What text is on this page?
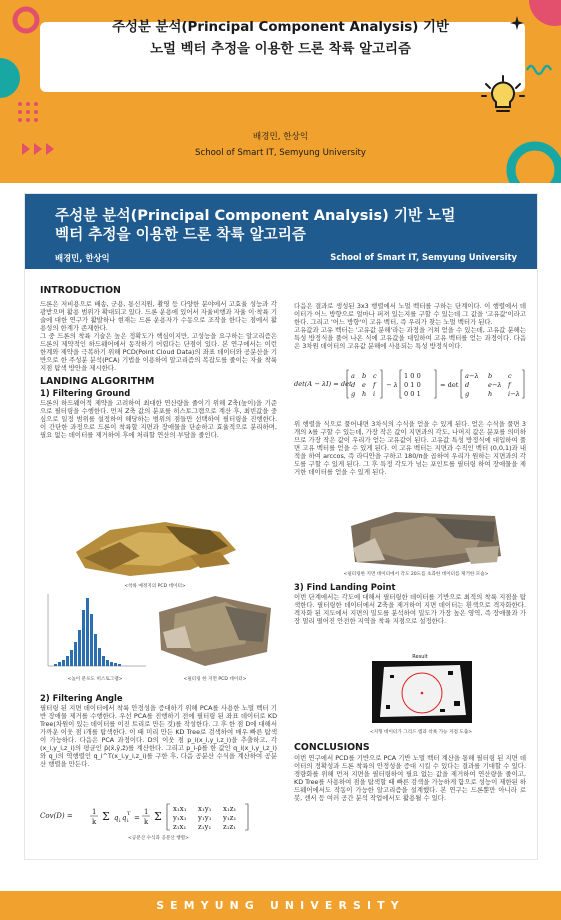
주성분 분석(Principal Component Analysis) 기반
노멀 벡터 추정을 이용한 드론 착륙 알고리즘
배경민, 한상익
School of Smart IT, Semyung University
주성분 분석(Principal Component Analysis) 기반 노멀
벡터 추정을 이용한 드론 착륙 알고리즘
배경민, 한상익	School of Smart IT, Semyung University
INTRODUCTION

드론은 저비용으로 배송, 군용, 통신지원, 촬영 등 다양한 분야에서 고효율 성능과 각광받으며 활용 범위가 확대되고 있다. 드론 운용에 있어서 자율비행과 자율 이·착륙 기술에 대한 연구가 활발하나 현재는 드론 운용자가 수동으로 조작을 한다는 점에서 활용성의 한계가 존재한다.

그 중 드론의 착륙 기술은 높은 정확도가 핵심이지만, 고성능을 요구하는 알고리즘은 드론의 제약적인 하드웨어에서 동작하기 어렵다는 단점이 있다. 본 연구에서는 이런 한계와 제약을 극복하기 위해 PCD(Point Cloud Data)의 좌표 데이터와 공분산을 기반으로 한 주성분 분석(PCA) 기법을 이용하여 알고리즘의 복잡도를 줄이는 자율 착륙 지점 탐색 방안을 제시한다.

LANDING ALGORITHM
1) Filtering Ground

드론의 하드웨어적 제약을 고려하여 최대한 연산량을 줄이기 위해 Z축(높이)을 기준으로 필터링을 수행한다. 먼저 Z축 값의 분포를 히스토그램으로 계산 후, 최빈값을 중심으로 일정 범위를 설정하여 해당하는 범위의 점들만 선택하여 필터링을 진행한다. 이 간단한 과정으로 드론이 착륙할 지면과 장애물을 단순하고 효율적으로 분리하며, 필요 없는 데이터를 제거하여 후에 처리할 연산의 부담을 줄인다.

<착륙 예정지의 PCD 데이터>
<높이 분포도 히스토그램>	<필터링 한 지면 PCD 데이터>
2) Filtering Angle

필터링 된 지면 데이터에서 착륙 안정성을 증대하기 위해 PCA를 사용한 노멀 벡터 기반 장애물 제거를 수행한다. 우선 PCA를 진행하기 전에 필터링 된 좌표 데이터로 KD Tree(차원이 있는 데이터를 이진 트리로 만든 것)를 작성한다. 그 후 한 점 D에 대해서 가까운 이웃 점 i개를 탐색한다. 이 때 미리 만든 KD Tree로 검색하여 매우 빠른 탐색이 가능하다. 다음은 PCA 과정이다. D의 이웃 점 p_i(x_i,y_i,z_i)을 추출하고, 각 (x_i,y_i,z_i)의 평균인 p̄(x̄,ȳ,z̄)를 계산한다. 그리고 p_i-p̄를 한 값인 q_i(x_i,y_i,z_i)와 q_i의 역행렬인 q_i^T(x_i,y_i,z_i)를 구한 후, 다음 공분산 수식을 계산하여 공분산 행렬을 만든다.

Cov(D) =	1
k Σ q i q i
T =
1
k Σ
x₁x₁ x₁y₁ x₁z₁
y₁x₁ y₁y₁ y₁z₁
z₁x₁ z₁y₁ z₁z₁
<공분산 수식과 공분산 행렬>

다음은 결과로 생성된 3x3 행렬에서 노멀 벡터를 구하는 단계이다. 이 행렬에서 데이터가 어느 방향으로 얼마나 퍼져 있는지를 구할 수 있는데 그 값을 '고유값'이라고 한다. 그리고 '어느 방향'이 고유 벡터, 즉 우리가 찾는 노멀 벡터가 된다.

고유값과 고유 벡터는 '고유값 분해'라는 과정을 거쳐 얻을 수 있는데, 고유값 분해는 특성 방정식을 풀어 나온 식에 고유값을 대입하여 고유 벡터를 얻는 과정이다. 다음은 3차원 데이터의 고유값 분해에 사용되는 특성 방정식이다.

det(A − λI) = det
a b c
d e f
g h i
− λ
1 0 0
0 1 0
0 0 1
= det
a−λ b c
d	e−λ f
g	h i−λ

위 행렬을 식으로 풀어내면 3차식의 수식을 얻을 수 있게 된다. 얻은 수식을 풀면 3개의 λ를 구할 수 있는데, 가장 작은 값이 지면과의 각도, 나머지 값은 분포를 의미하므로 가장 작은 값이 우리가 얻는 고유값이 된다. 고유값 특성 방정식에 대입하여 풀면 고유 벡터를 얻을 수 있게 된다. 이 고유 벡터는 지면과 수직인 벡터 (0,0,1)과 내적을 하여 arccos, 즉 라디안을 구하고 180/π을 곱하여 우리가 원하는 지면과의 각도를 구할 수 있게 된다. 그 후 특정 각도가 넘는 포인트를 필터링 하여 장애물을 제거한 데이터를 얻을 수 있게 된다.

<필터링한 지면 데이터에서 각도 20도를 초과한 데이터를 제거한 모습>
3) Find Landing Point

이번 단계에서는 각도에 대해서 필터링한 데이터를 기반으로 최적의 착륙 지점을 탐색한다. 필터링한 데이터에서 Z축을 제거하여 지면 데이터는 흰색으로 격자화한다. 격자화 된 지도에서 지면의 밀도를 분석하여 밀도가 가장 높은 영역, 즉 장애물과 가장 멀리 떨어진 안전한 지역을 착륙 지점으로 설정한다.

Result
<지형 데이터가 그리드 맵과 착륙 가능 지점 도출>
CONCLUSIONS

이번 연구에서 PCD를 기반으로 PCA 기반 노멀 벡터 계산을 통해 필터링 된 지면 데이터의 정확성과 드론 착륙의 안정성을 증대 시킬 수 있다는 결과를 기대할 수 있다. 경량화를 위해 먼저 지면을 필터링하여 필요 없는 값을 제거하여 연산량을 줄이고, KD Tree를 사용하여 점을 탐색할 때 빠른 검색을 가능하게 함으로 성능이 제한된 하드웨어에서도 작동이 가능한 알고리즘을 설계했다. 본 연구는 드론뿐만 아니라 로봇, 센서 등 여러 공간 분석 작업에서도 활용될 수 있다.

SEMYUNG UNIVERSITY
